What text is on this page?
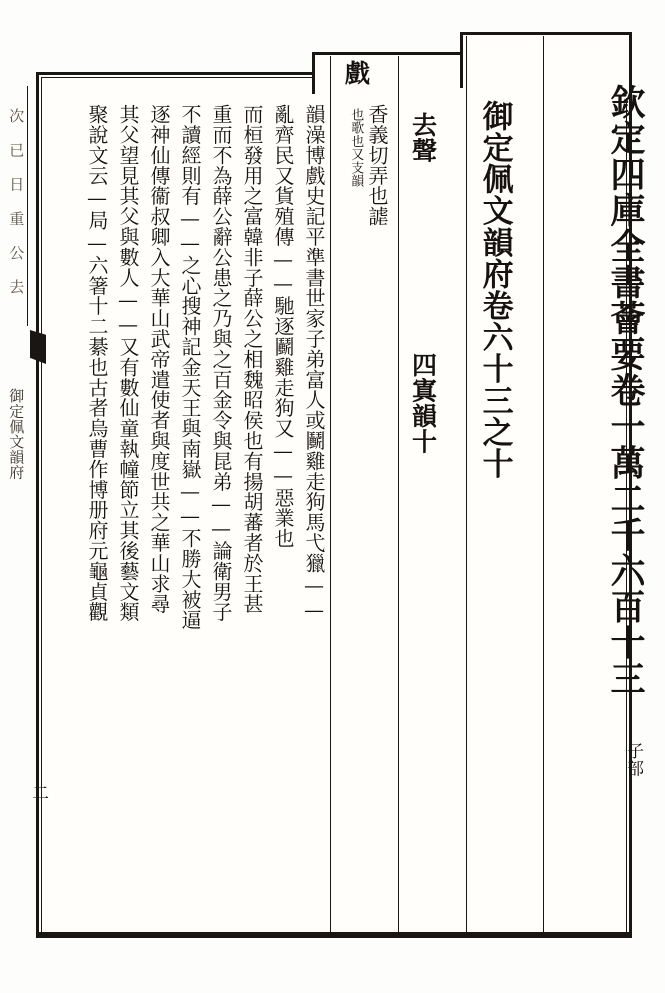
次 已 日 重 公 去
御定佩文韻府
二
欽定四庫全書薈要卷一萬二千六百十三
子部
御定佩文韻府卷六十三之十
去聲
四寘韻十
戲
也歌也又支韻 香義切弄也謔
韻澡博戲史記平準書世家子弟富人或鬭雞走狗馬弋獵——
亂齊民又貨殖傳——馳逐鬬雞走狗又——惡業也
而桓發用之富韓非子薛公之相魏昭侯也有揚胡蕃者於王甚
重而不為薛公辭公患之乃與之百金令與昆弟——論衛男子
不讀經則有——之心搜神記金天王與南嶽——不勝大被逼
逐神仙傳衞叔卿入大華山武帝遣使者與度世共之華山求尋
其父望見其父與數人——又有數仙童執幢節立其後藝文類
聚說文云—局—六箸十二綦也古者烏曹作博册府元龜貞觀
